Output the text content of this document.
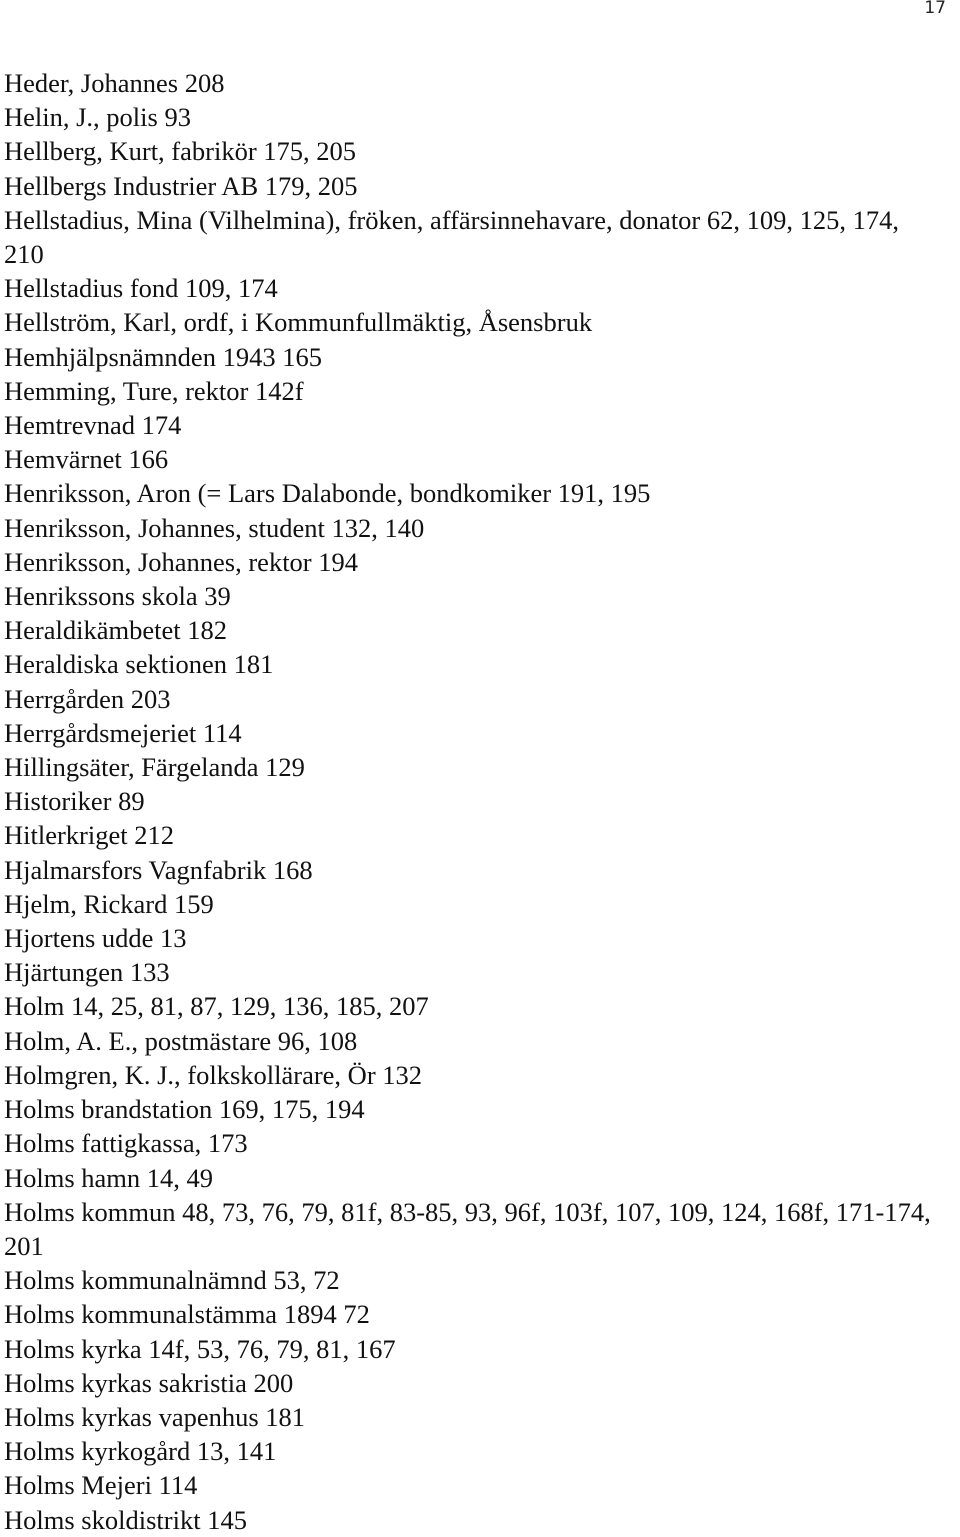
17
Heder, Johannes 208
Helin, J., polis 93
Hellberg, Kurt, fabrikör 175, 205
Hellbergs Industrier AB 179, 205
Hellstadius, Mina (Vilhelmina), fröken, affärsinnehavare, donator 62, 109, 125, 174, 210
Hellstadius fond 109, 174
Hellström, Karl, ordf, i Kommunfullmäktig, Åsensbruk
Hemhjälpsnämnden 1943 165
Hemming, Ture, rektor 142f
Hemtrevnad 174
Hemvärnet 166
Henriksson, Aron (= Lars Dalabonde, bondkomiker 191, 195
Henriksson, Johannes, student 132, 140
Henriksson, Johannes, rektor 194
Henrikssons skola 39
Heraldikämbetet 182
Heraldiska sektionen 181
Herrgården 203
Herrgårdsmejeriet 114
Hillingsäter, Färgelanda 129
Historiker 89
Hitlerkriget 212
Hjalmarsfors Vagnfabrik 168
Hjelm, Rickard 159
Hjortens udde 13
Hjärtungen 133
Holm 14, 25, 81, 87, 129, 136, 185, 207
Holm, A. E., postmästare 96, 108
Holmgren, K. J., folkskollärare, Ör 132
Holms brandstation 169, 175, 194
Holms fattigkassa, 173
Holms hamn 14, 49
Holms kommun 48, 73, 76, 79, 81f, 83-85, 93, 96f, 103f, 107, 109, 124, 168f, 171-174, 201
Holms kommunalnämnd 53, 72
Holms kommunalstämma 1894 72
Holms kyrka 14f, 53, 76, 79, 81, 167
Holms kyrkas sakristia 200
Holms kyrkas vapenhus 181
Holms kyrkogård 13, 141
Holms Mejeri 114
Holms skoldistrikt 145
